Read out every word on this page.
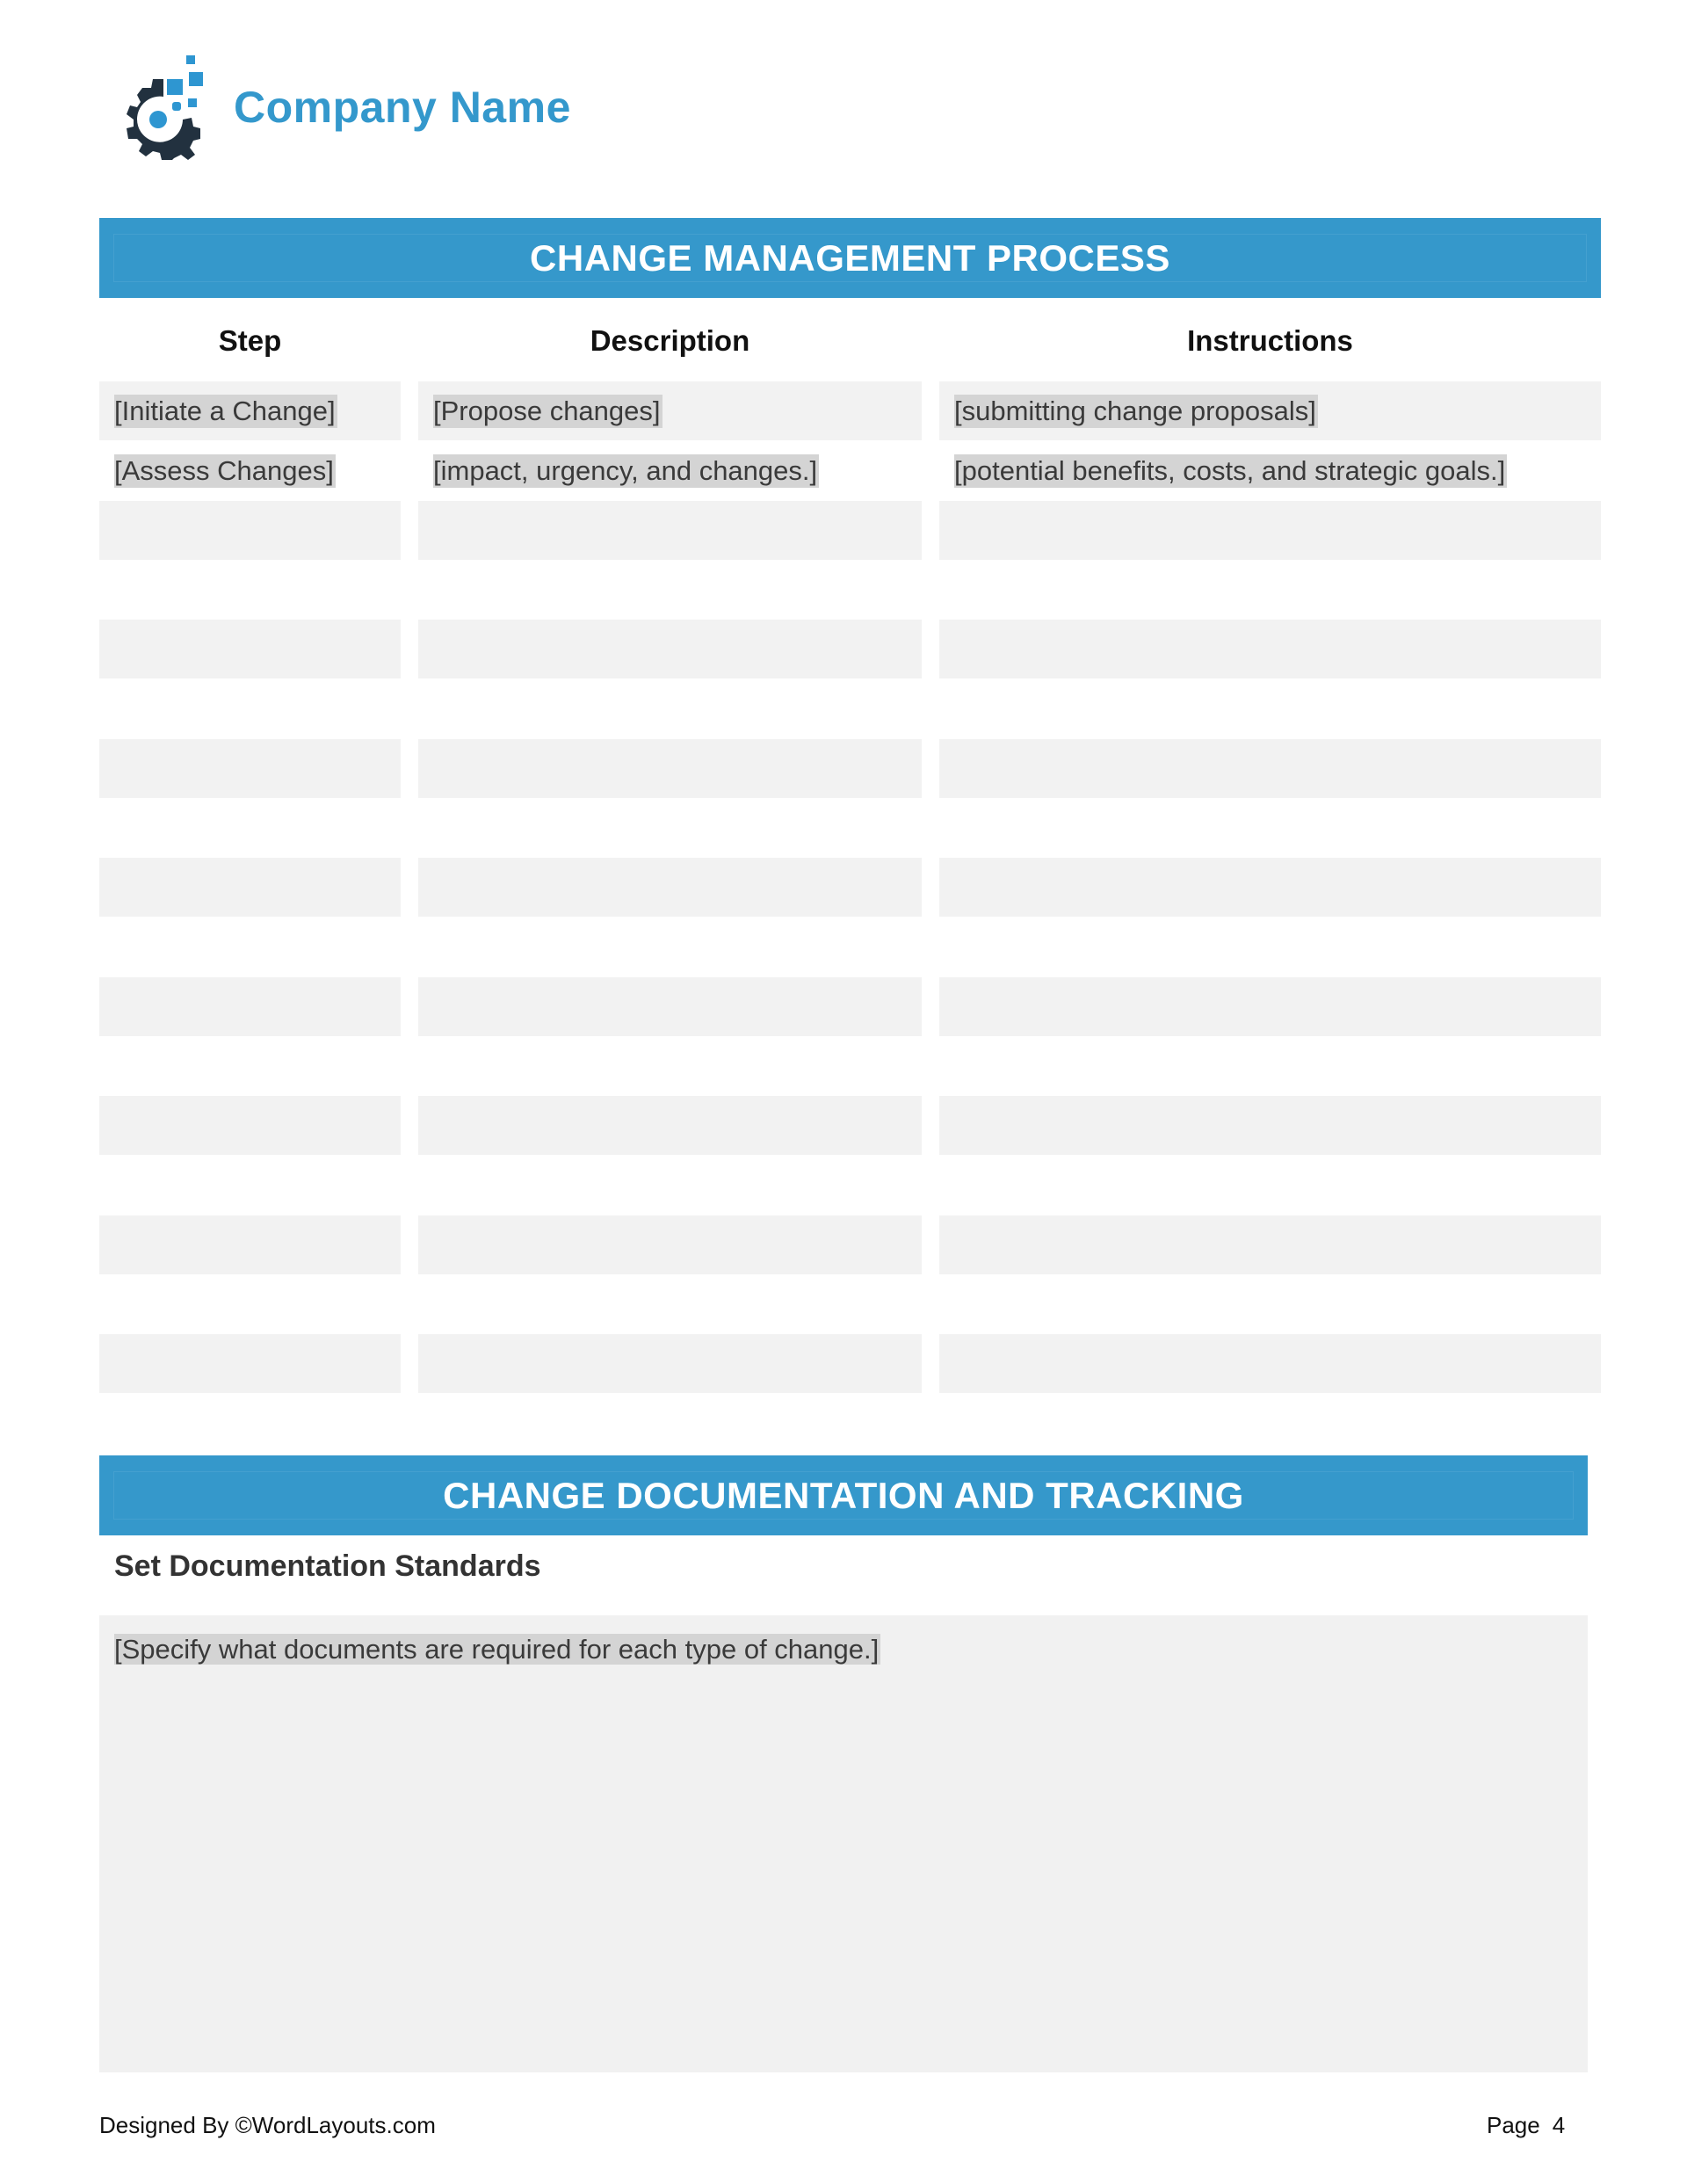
Company Name
CHANGE MANAGEMENT PROCESS
Step	Description	Instructions
[Initiate a Change]	[Propose changes]	[submitting change proposals]
[Assess Changes]	[impact, urgency, and changes.]	[potential benefits, costs, and strategic goals.]
CHANGE DOCUMENTATION AND TRACKING
Set Documentation Standards
[Specify what documents are required for each type of change.]
Designed By ©WordLayouts.com	Page 4
